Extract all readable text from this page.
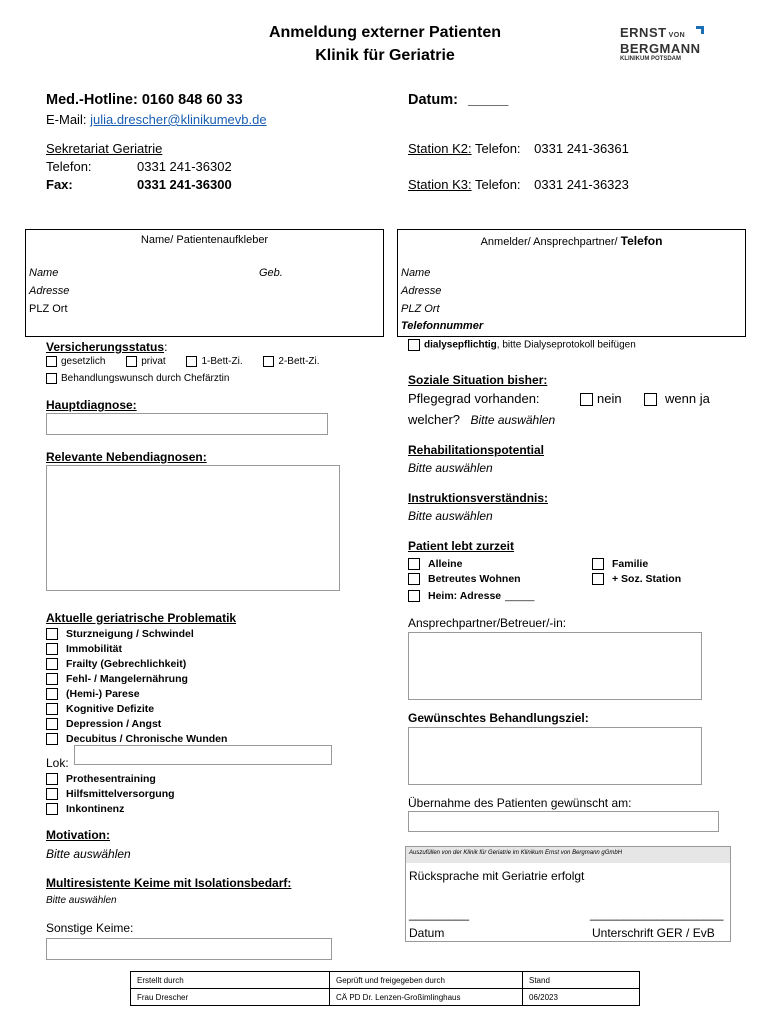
Anmeldung externer Patienten
Klinik für Geriatrie
ERNST VON
BERGMANN
KLINIKUM POTSDAM
Med.-Hotline: 0160 848 60 33
E-Mail: julia.drescher@klinikumevb.de
Sekretariat Geriatrie
Telefon:	0331 241-36302
Fax:	0331 241-36300
Datum: _____
Station K2: Telefon: 0331 241-36361
Station K3: Telefon: 0331 241-36323
Name/ Patientenaufkleber
Name	Geb.
Adresse
PLZ Ort
Anmelder/ Ansprechpartner/ Telefon
Name
Adresse
PLZ Ort
Telefonnummer
Versicherungsstatus:
gesetzlich	privat	1-Bett-Zi.	2-Bett-Zi.
Behandlungswunsch durch Chefärztin
Hauptdiagnose:
Relevante Nebendiagnosen:
Aktuelle geriatrische Problematik
Sturzneigung / Schwindel
Immobilität
Frailty (Gebrechlichkeit)
Fehl- / Mangelernährung
(Hemi-) Parese
Kognitive Defizite
Depression / Angst
Decubitus / Chronische Wunden
Lok:
Prothesentraining
Hilfsmittelversorgung
Inkontinenz
Motivation:
Bitte auswählen
Multiresistente Keime mit Isolationsbedarf:
Bitte auswählen
Sonstige Keime:
dialysepflichtig, bitte Dialyseprotokoll beifügen
Soziale Situation bisher:
Pflegegrad vorhanden:	nein	wenn ja
welcher? Bitte auswählen
Rehabilitationspotential
Bitte auswählen
Instruktionsverständnis:
Bitte auswählen
Patient lebt zurzeit
Alleine
Betreutes Wohnen
Heim: Adresse _____
Familie
+ Soz. Station
Ansprechpartner/Betreuer/-in:
Gewünschtes Behandlungsziel:
Übernahme des Patienten gewünscht am:
Auszufüllen von der Klinik für Geriatrie im Klinikum Ernst von Bergmann gGmbH
Rücksprache mit Geriatrie erfolgt
_________	____________________
Datum	Unterschrift GER / EvB
Erstellt durch	Geprüft und freigegeben durch	Stand
Frau Drescher	CÄ PD Dr. Lenzen-Großimlinghaus	06/2023
